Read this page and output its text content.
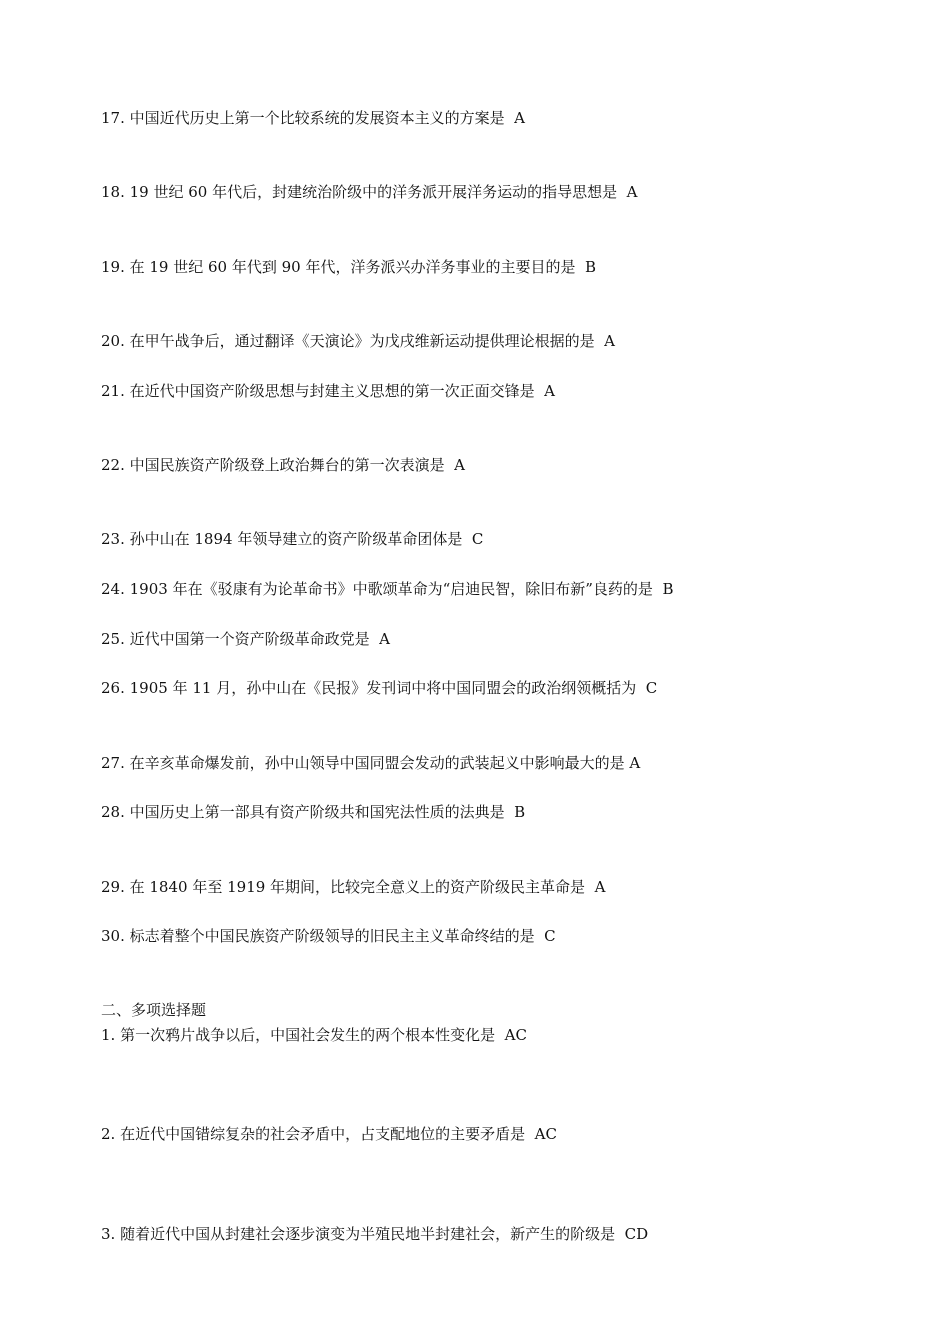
17. 中国近代历史上第一个比较系统的发展资本主义的方案是  A

18. 19 世纪 60 年代后，封建统治阶级中的洋务派开展洋务运动的指导思想是  A

19. 在 19 世纪 60 年代到 90 年代，洋务派兴办洋务事业的主要目的是  B

20. 在甲午战争后，通过翻译《天演论》为戊戌维新运动提供理论根据的是  A

21. 在近代中国资产阶级思想与封建主义思想的第一次正面交锋是  A

22. 中国民族资产阶级登上政治舞台的第一次表演是  A

23. 孙中山在 1894 年领导建立的资产阶级革命团体是  C

24. 1903 年在《驳康有为论革命书》中歌颂革命为“启迪民智，除旧布新”良药的是  B

25. 近代中国第一个资产阶级革命政党是  A

26. 1905 年 11 月，孙中山在《民报》发刊词中将中国同盟会的政治纲领概括为  C

27. 在辛亥革命爆发前，孙中山领导中国同盟会发动的武装起义中影响最大的是 A

28. 中国历史上第一部具有资产阶级共和国宪法性质的法典是  B

29. 在 1840 年至 1919 年期间，比较完全意义上的资产阶级民主革命是  A

30. 标志着整个中国民族资产阶级领导的旧民主主义革命终结的是  C

二、多项选择题
1. 第一次鸦片战争以后，中国社会发生的两个根本性变化是  AC

2. 在近代中国错综复杂的社会矛盾中，占支配地位的主要矛盾是  AC

3. 随着近代中国从封建社会逐步演变为半殖民地半封建社会，新产生的阶级是  CD
